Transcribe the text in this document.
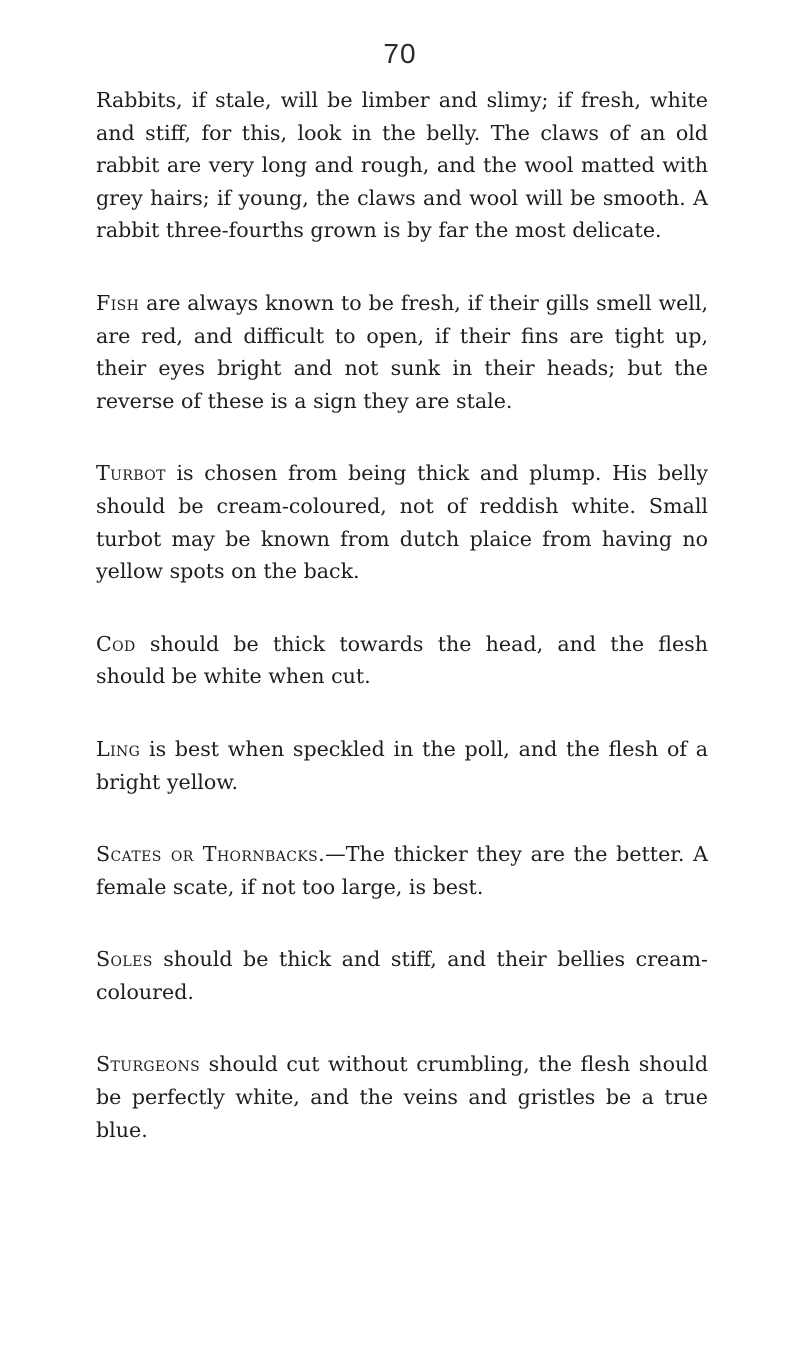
70

Rabbits, if stale, will be limber and slimy; if fresh, white and stiff, for this, look in the belly. The claws of an old rabbit are very long and rough, and the wool matted with grey hairs; if young, the claws and wool will be smooth. A rabbit three-fourths grown is by far the most delicate.

Fish are always known to be fresh, if their gills smell well, are red, and difficult to open, if their fins are tight up, their eyes bright and not sunk in their heads; but the reverse of these is a sign they are stale.

Turbot is chosen from being thick and plump. His belly should be cream-coloured, not of reddish white. Small turbot may be known from dutch plaice from having no yellow spots on the back.

Cod should be thick towards the head, and the flesh should be white when cut.

Ling is best when speckled in the poll, and the flesh of a bright yellow.

Scates or Thornbacks.—The thicker they are the better. A female scate, if not too large, is best.

Soles should be thick and stiff, and their bellies cream-coloured.

Sturgeons should cut without crumbling, the flesh should be perfectly white, and the veins and gristles be a true blue.
